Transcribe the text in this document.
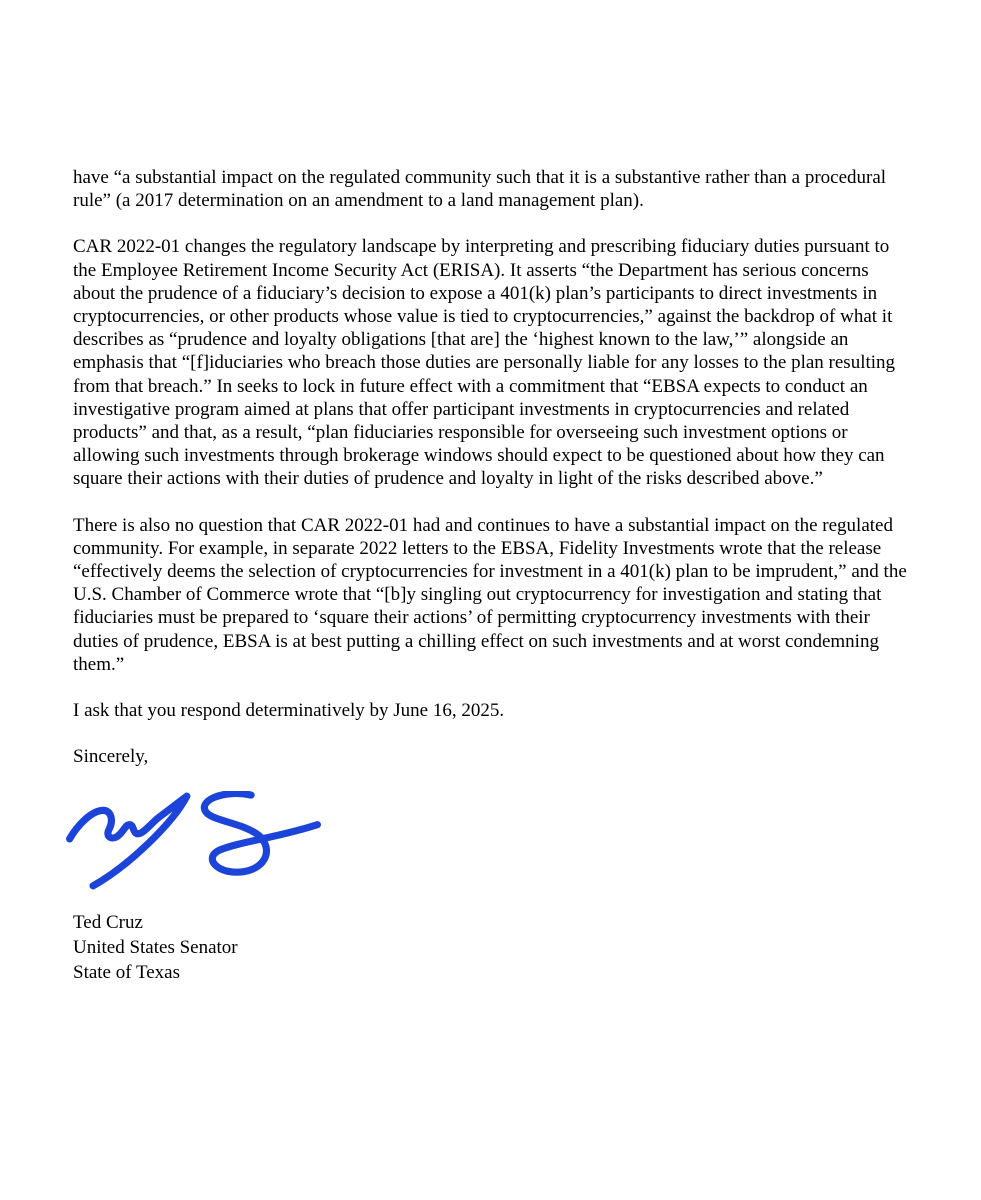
have “a substantial impact on the regulated community such that it is a substantive rather than a procedural rule” (a 2017 determination on an amendment to a land management plan).

CAR 2022-01 changes the regulatory landscape by interpreting and prescribing fiduciary duties pursuant to the Employee Retirement Income Security Act (ERISA). It asserts “the Department has serious concerns about the prudence of a fiduciary’s decision to expose a 401(k) plan’s participants to direct investments in cryptocurrencies, or other products whose value is tied to cryptocurrencies,” against the backdrop of what it describes as “prudence and loyalty obligations [that are] the ‘highest known to the law,’” alongside an emphasis that “[f]iduciaries who breach those duties are personally liable for any losses to the plan resulting from that breach.” In seeks to lock in future effect with a commitment that “EBSA expects to conduct an investigative program aimed at plans that offer participant investments in cryptocurrencies and related products” and that, as a result, “plan fiduciaries responsible for overseeing such investment options or allowing such investments through brokerage windows should expect to be questioned about how they can square their actions with their duties of prudence and loyalty in light of the risks described above.”

There is also no question that CAR 2022-01 had and continues to have a substantial impact on the regulated community. For example, in separate 2022 letters to the EBSA, Fidelity Investments wrote that the release “effectively deems the selection of cryptocurrencies for investment in a 401(k) plan to be imprudent,” and the U.S. Chamber of Commerce wrote that “[b]y singling out cryptocurrency for investigation and stating that fiduciaries must be prepared to ‘square their actions’ of permitting cryptocurrency investments with their duties of prudence, EBSA is at best putting a chilling effect on such investments and at worst condemning them.”

I ask that you respond determinatively by June 16, 2025.

Sincerely,

Ted Cruz
United States Senator
State of Texas
